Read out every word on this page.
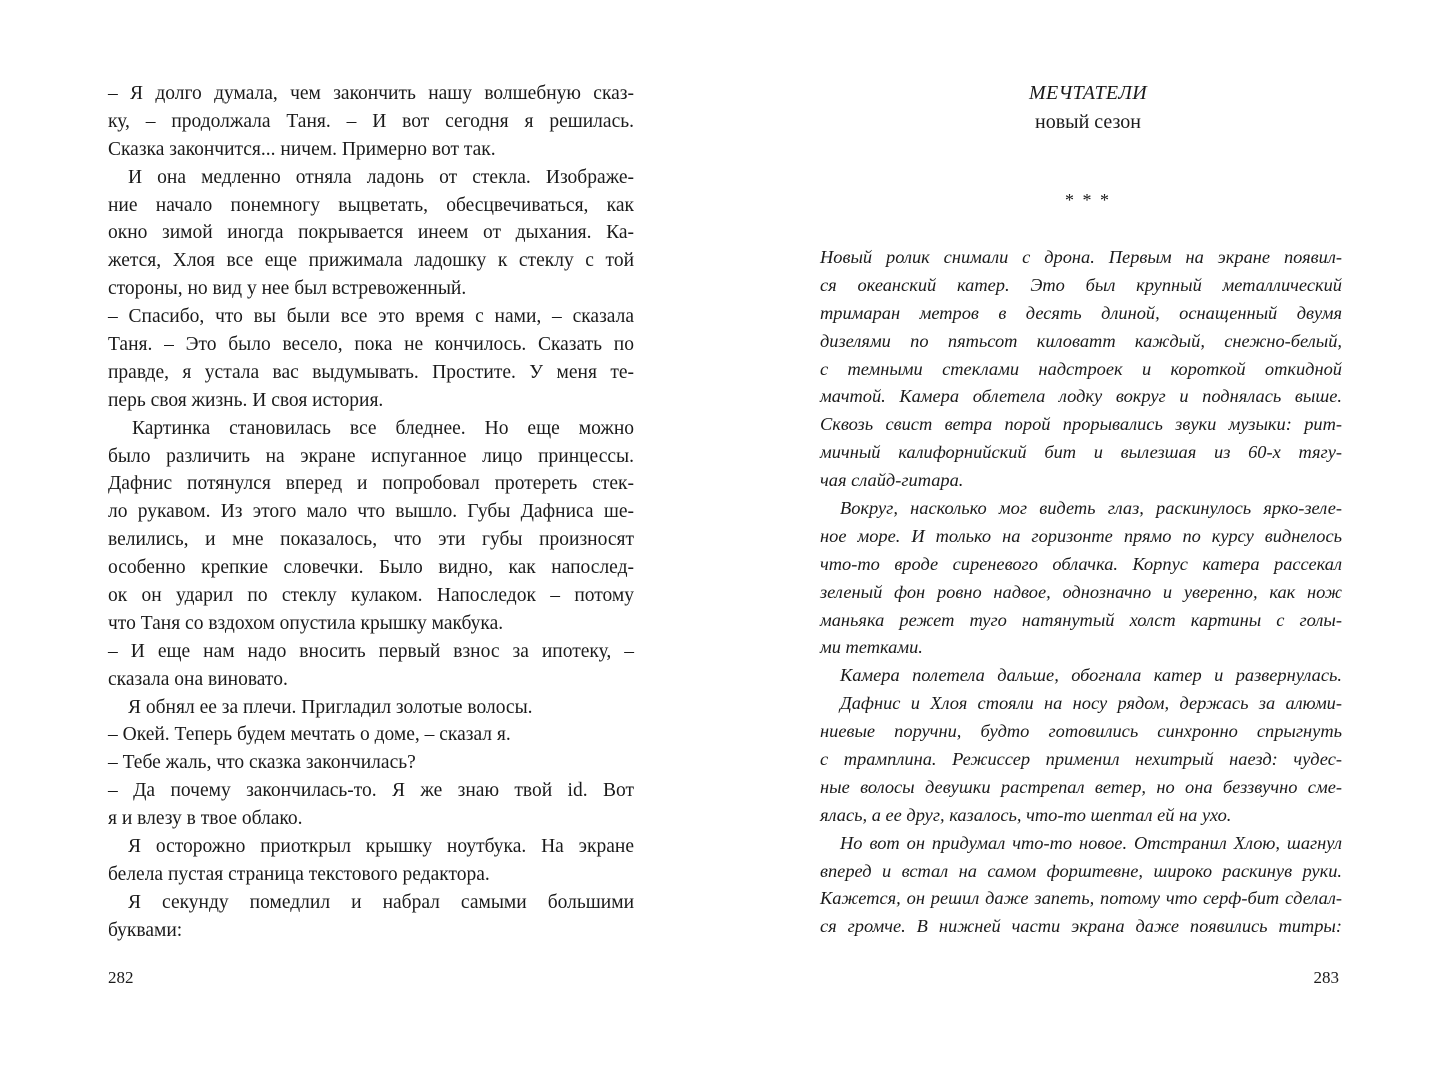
– Я долго думала, чем закончить нашу волшебную сказ-
ку, – продолжала Таня. – И вот сегодня я решилась.
Сказка закончится... ничем. Примерно вот так.
И она медленно отняла ладонь от стекла. Изображе-
ние начало понемногу выцветать, обесцвечиваться, как
окно зимой иногда покрывается инеем от дыхания. Ка-
жется, Хлоя все еще прижимала ладошку к стеклу с той
стороны, но вид у нее был встревоженный.
– Спасибо, что вы были все это время с нами, – сказала
Таня. – Это было весело, пока не кончилось. Сказать по
правде, я устала вас выдумывать. Простите. У меня те-
перь своя жизнь. И своя история.
Картинка становилась все бледнее. Но еще можно
было различить на экране испуганное лицо принцессы.
Дафнис потянулся вперед и попробовал протереть стек-
ло рукавом. Из этого мало что вышло. Губы Дафниса ше-
велились, и мне показалось, что эти губы произносят
особенно крепкие словечки. Было видно, как напослед-
ок он ударил по стеклу кулаком. Напоследок – потому
что Таня со вздохом опустила крышку макбука.
– И еще нам надо вносить первый взнос за ипотеку, –
сказала она виновато.
Я обнял ее за плечи. Пригладил золотые волосы.
– Окей. Теперь будем мечтать о доме, – сказал я.
– Тебе жаль, что сказка закончилась?
– Да почему закончилась-то. Я же знаю твой id. Вот
я и влезу в твое облако.
Я осторожно приоткрыл крышку ноутбука. На экране
белела пустая страница текстового редактора.
Я секунду помедлил и набрал самыми большими
буквами:
282
МЕЧТАТЕЛИ
новый сезон
* * *
Новый ролик снимали с дрона. Первым на экране появил-
ся океанский катер. Это был крупный металлический
тримаран метров в десять длиной, оснащенный двумя
дизелями по пятьсот киловатт каждый, снежно-белый,
с темными стеклами надстроек и короткой откидной
мачтой. Камера облетела лодку вокруг и поднялась выше.
Сквозь свист ветра порой прорывались звуки музыки: рит-
мичный калифорнийский бит и вылезшая из 60-х тягу-
чая слайд-гитара.
Вокруг, насколько мог видеть глаз, раскинулось ярко-зеле-
ное море. И только на горизонте прямо по курсу виднелось
что-то вроде сиреневого облачка. Корпус катера рассекал
зеленый фон ровно надвое, однозначно и уверенно, как нож
маньяка режет туго натянутый холст картины с голы-
ми тетками.
Камера полетела дальше, обогнала катер и развернулась.
Дафнис и Хлоя стояли на носу рядом, держась за алюми-
ниевые поручни, будто готовились синхронно спрыгнуть
с трамплина. Режиссер применил нехитрый наезд: чудес-
ные волосы девушки растрепал ветер, но она беззвучно сме-
ялась, а ее друг, казалось, что-то шептал ей на ухо.
Но вот он придумал что-то новое. Отстранил Хлою, шагнул
вперед и встал на самом форштевне, широко раскинув руки.
Кажется, он решил даже запеть, потому что серф-бит сделал-
ся громче. В нижней части экрана даже появились титры:
283
